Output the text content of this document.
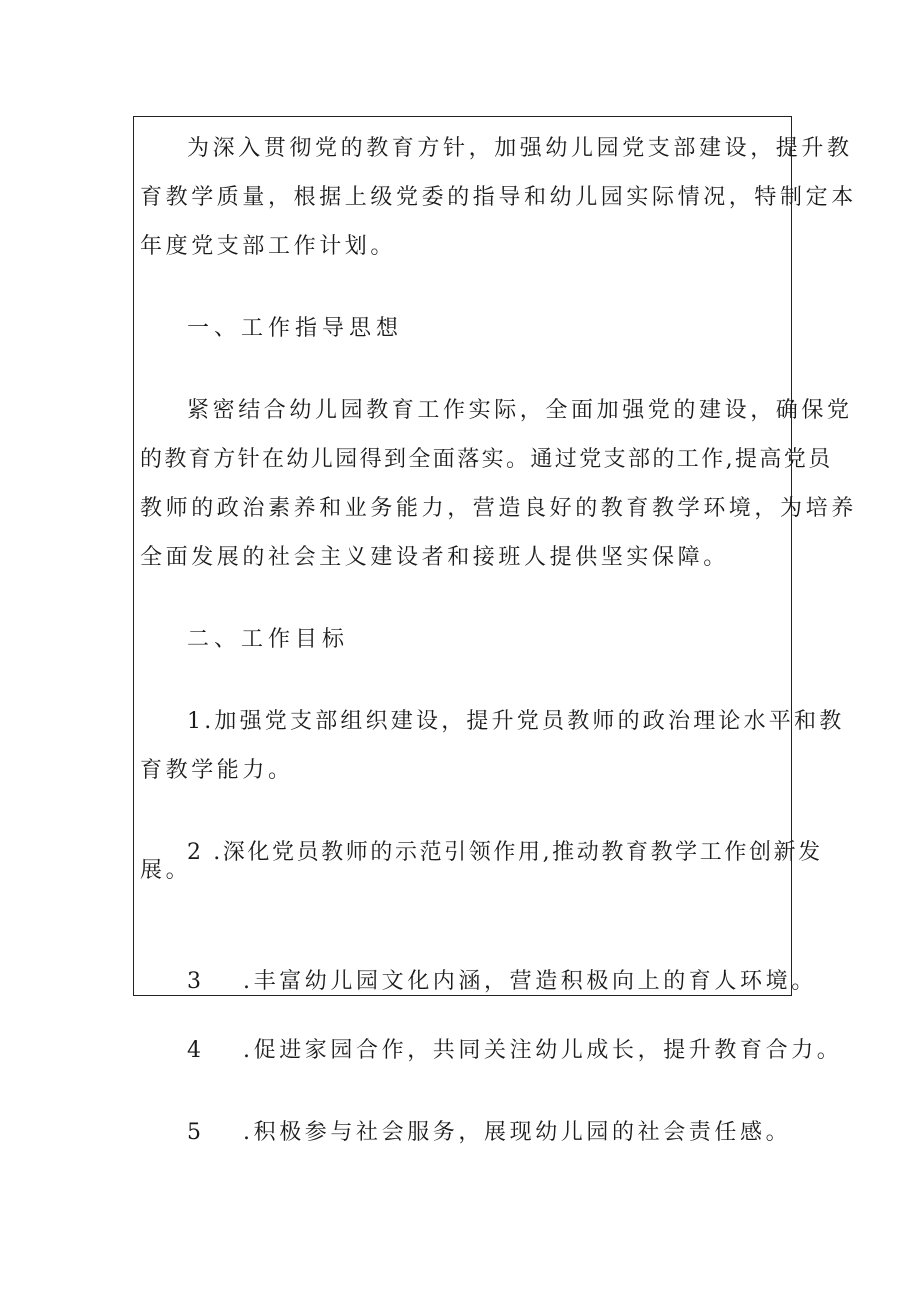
为深入贯彻党的教育方针，加强幼儿园党支部建设，提升教
育教学质量，根据上级党委的指导和幼儿园实际情况，特制定本
年度党支部工作计划。
一、工作指导思想
紧密结合幼儿园教育工作实际，全面加强党的建设，确保党
的教育方针在幼儿园得到全面落实。通过党支部的工作,提高党员
教师的政治素养和业务能力，营造良好的教育教学环境，为培养
全面发展的社会主义建设者和接班人提供坚实保障。
二、工作目标
1.加强党支部组织建设，提升党员教师的政治理论水平和教
育教学能力。
2 .深化党员教师的示范引领作用,推动教育教学工作创新发
展。
3 .丰富幼儿园文化内涵，营造积极向上的育人环境。
4 .促进家园合作，共同关注幼儿成长，提升教育合力。
5 .积极参与社会服务，展现幼儿园的社会责任感。
